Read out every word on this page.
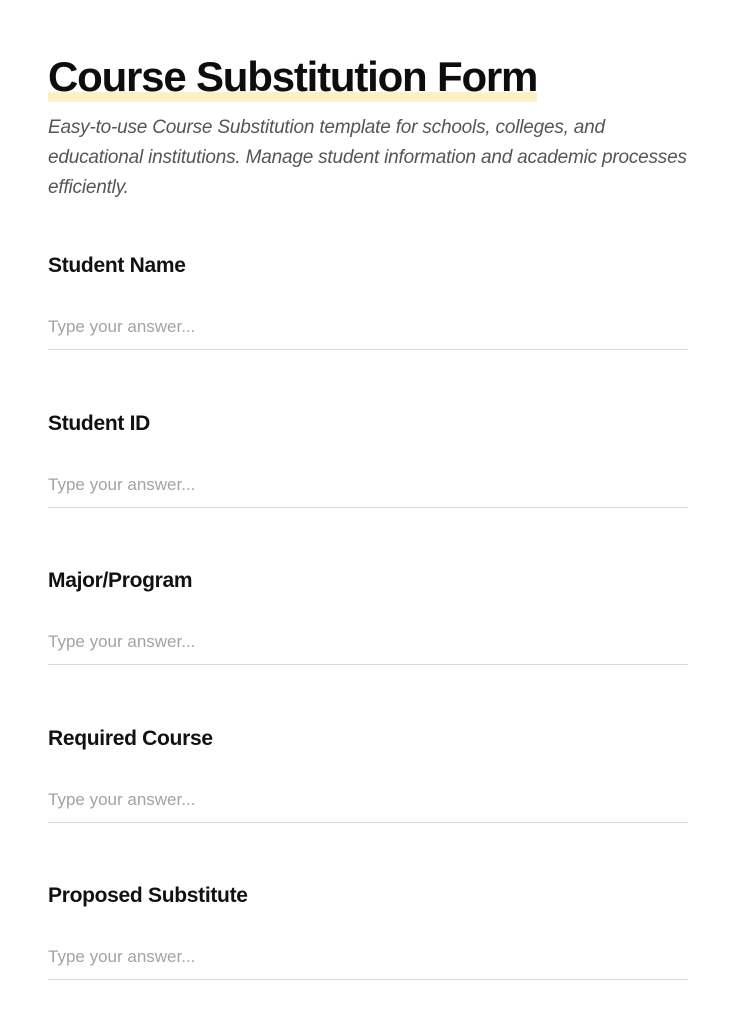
Course Substitution Form

Easy-to-use Course Substitution template for schools, colleges, and educational institutions. Manage student information and academic processes efficiently.

Student Name
Type your answer...
Student ID
Type your answer...
Major/Program
Type your answer...
Required Course
Type your answer...
Proposed Substitute
Type your answer...
